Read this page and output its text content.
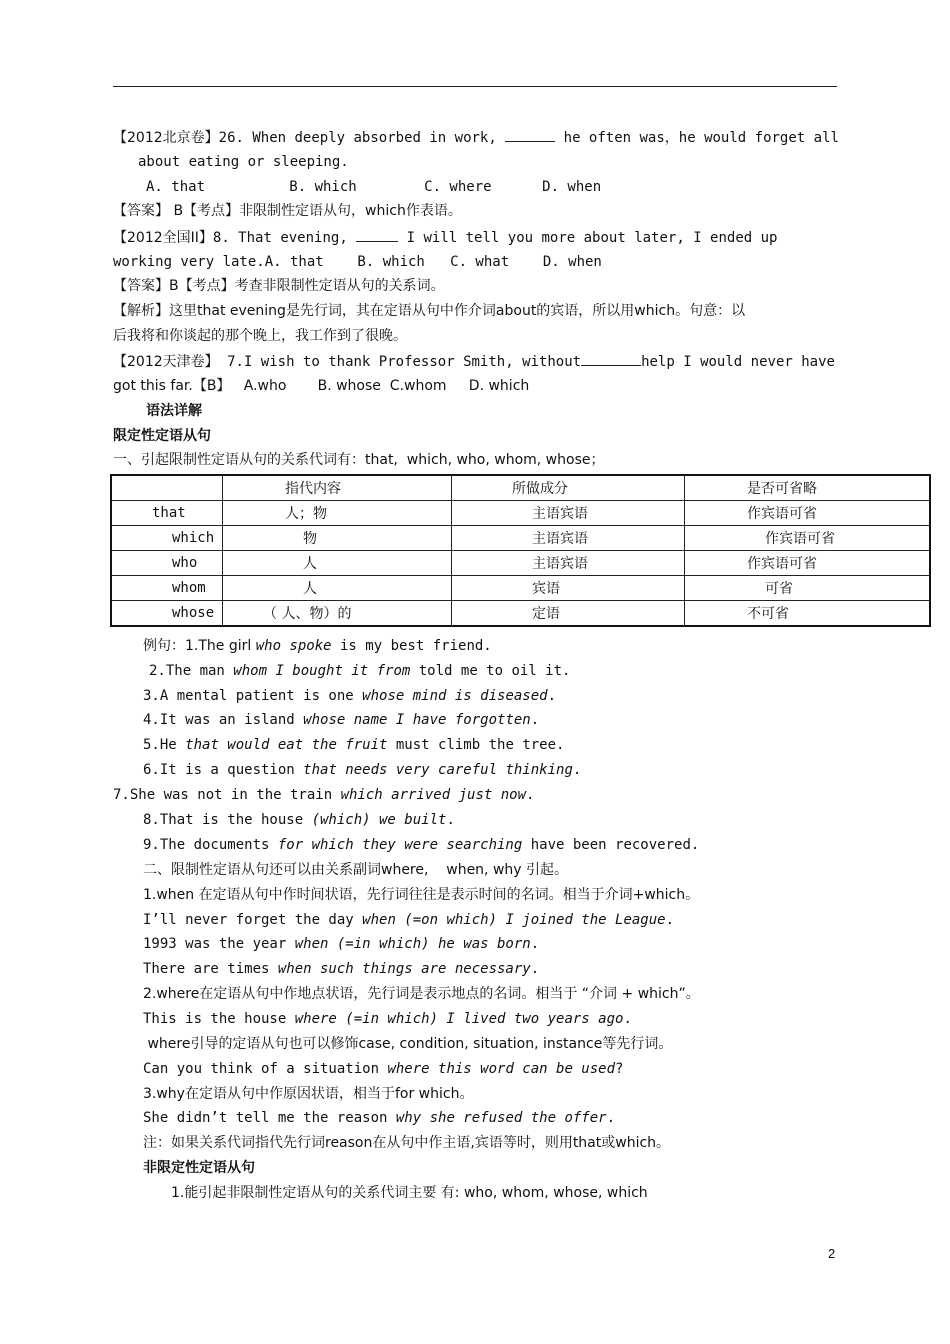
【2012北京卷】26. When deeply absorbed in work,	he often was，he would forget all
about eating or sleeping.
A. that          B. which        C. where      D. when
【答案】 B【考点】非限制性定语从句，which作表语。
【2012全国II】8. That evening,	I will tell you more about later, I ended up
working very late.A. that    B. which   C. what    D. when
【答案】B【考点】考查非限制性定语从句的关系词。
【解析】这里that evening是先行词，其在定语从句中作介词about的宾语，所以用which。句意：以
后我将和你谈起的那个晚上，我工作到了很晚。
【2012天津卷】 7.I wish to thank Professor Smith, without	help I would never have
got this far.【B】   A.who       B. whose  C.whom     D. which
语法详解
限定性定语从句
一、引起限制性定语从句的关系代词有：that,  which, who, whom, whose；
	指代内容	所做成分	是否可省略
that	人；物	主语宾语	作宾语可省
which	物	主语宾语	作宾语可省
who	人	主语宾语	作宾语可省
whom	人	宾语	可省
whose	（ 人、物）的	定语	不可省
例句：1.The girl who spoke is my best friend.
2.The man whom I bought it from told me to oil it.
3.A mental patient is one whose mind is diseased.
4.It was an island whose name I have forgotten.
5.He that would eat the fruit must climb the tree.
6.It is a question that needs very careful thinking.
7.She was not in the train which arrived just now.
8.That is the house (which) we built.
9.The documents for which they were searching have been recovered.
二、限制性定语从句还可以由关系副词where,    when, why 引起。
1.when 在定语从句中作时间状语，先行词往往是表示时间的名词。相当于介词+which。
I’ll never forget the day when (=on which) I joined the League.
1993 was the year when (=in which) he was born.
There are times when such things are necessary.
2.where在定语从句中作地点状语，先行词是表示地点的名词。相当于 “介词 + which”。
This is the house where (=in which) I lived two years ago.
where引导的定语从句也可以修饰case, condition, situation, instance等先行词。
Can you think of a situation where this word can be used?
3.why在定语从句中作原因状语，相当于for which。
She didn’t tell me the reason why she refused the offer.
注：如果关系代词指代先行词reason在从句中作主语,宾语等时，则用that或which。
非限定性定语从句
1.能引起非限制性定语从句的关系代词主要 有: who, whom, whose, which
2
